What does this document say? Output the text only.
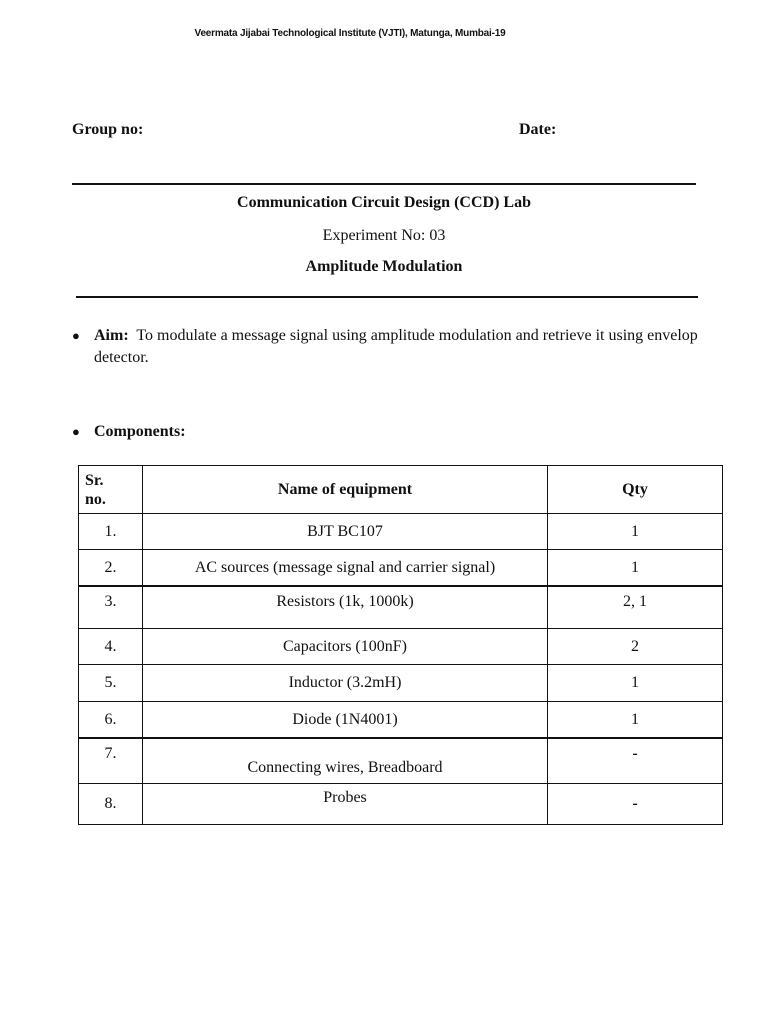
Veermata Jijabai Technological Institute (VJTI), Matunga, Mumbai-19
Group no:	Date:
Communication Circuit Design (CCD) Lab
Experiment No: 03
Amplitude Modulation
● Aim: To modulate a message signal using amplitude modulation and retrieve it using envelop detector.
● Components:
Sr.
no.	Name of equipment	Qty
1.	BJT BC107	1
2.	AC sources (message signal and carrier signal)	1
3.	Resistors (1k, 1000k)	2, 1
4.	Capacitors (100nF)	2
5.	Inductor (3.2mH)	1
6.	Diode (1N4001)	1
7.	Connecting wires, Breadboard	-
8.	Probes	-
